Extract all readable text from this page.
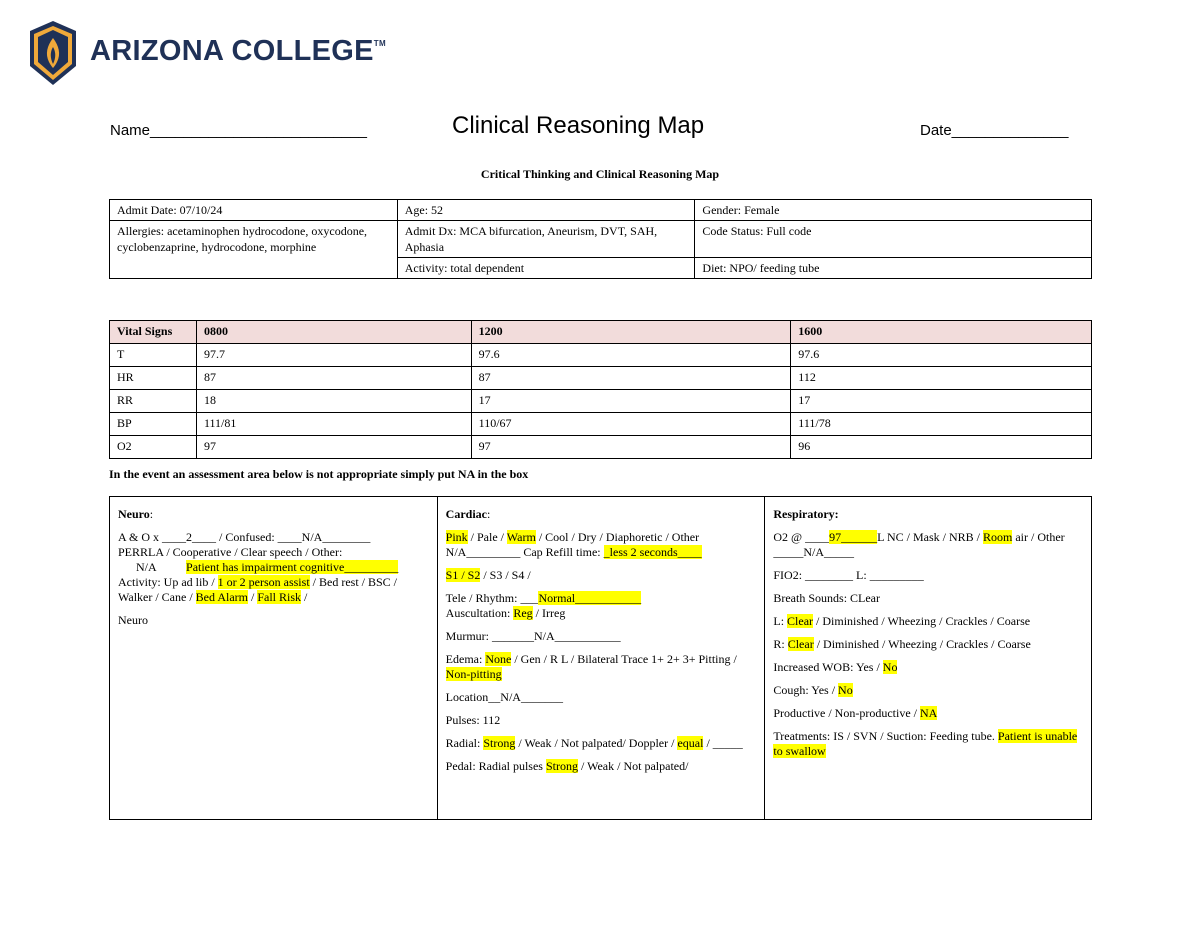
ARIZONA COLLEGE™
Name__________________________	Clinical Reasoning Map	Date______________
Critical Thinking and Clinical Reasoning Map
Admit Date: 07/10/24	Age: 52	Gender: Female
Allergies: acetaminophen hydrocodone, oxycodone, cyclobenzaprine, hydrocodone, morphine	Admit Dx: MCA bifurcation, Aneurism, DVT, SAH, Aphasia	Code Status: Full code
	Activity: total dependent	Diet: NPO/ feeding tube
Vital Signs	0800	1200	1600
T	97.7	97.6	97.6
HR	87	87	112
RR	18	17	17
BP	111/81	110/67	111/78
O2	97	97	96
In the event an assessment area below is not appropriate simply put NA in the box

Neuro:

A & O x ____2____ / Confused: ____N/A________
PERRLA / Cooperative / Clear speech / Other:
N/A          Patient has impairment cognitive_________ Activity: Up ad lib / 1 or 2 person assist / Bed rest / BSC / Walker / Cane / Bed Alarm / Fall Risk /

Neuro

Cardiac:

Pink / Pale / Warm / Cool / Dry / Diaphoretic / Other N/A_________ Cap Refill time: _less 2 seconds____

S1 / S2 / S3 / S4 /

Tele / Rhythm: ___Normal___________
Auscultation: Reg / Irreg

Murmur: _______N/A___________

Edema: None / Gen / R L / Bilateral Trace 1+ 2+ 3+ Pitting / Non-pitting

Location__N/A_______

Pulses: 112

Radial: Strong / Weak / Not palpated/ Doppler / equal / _____

Pedal: Radial pulses Strong / Weak / Not palpated/

Respiratory:

O2 @ ____97______L NC / Mask / NRB / Room air / Other _____N/A_____

FIO2: ________ L: _________

Breath Sounds: CLear

L: Clear / Diminished / Wheezing / Crackles / Coarse

R: Clear / Diminished / Wheezing / Crackles / Coarse

Increased WOB: Yes / No

Cough: Yes / No

Productive / Non-productive / NA

Treatments: IS / SVN / Suction: Feeding tube. Patient is unable to swallow
